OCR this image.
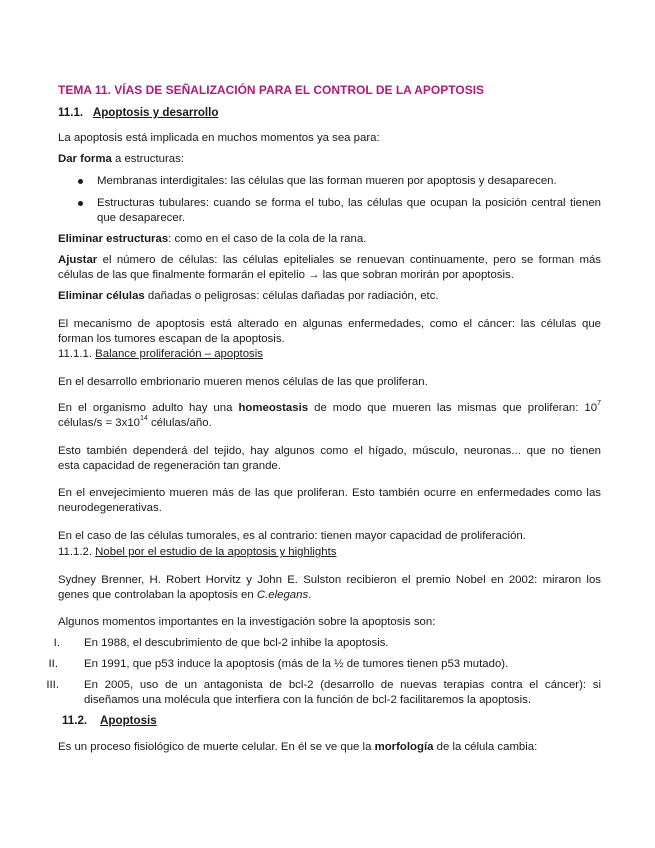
TEMA 11. VÍAS DE SEÑALIZACIÓN PARA EL CONTROL DE LA APOPTOSIS
11.1. Apoptosis y desarrollo
La apoptosis está implicada en muchos momentos ya sea para:
Dar forma a estructuras:
Membranas interdigitales: las células que las forman mueren por apoptosis y desaparecen.
Estructuras tubulares: cuando se forma el tubo, las células que ocupan la posición central tienen
que desaparecer.
Eliminar estructuras: como en el caso de la cola de la rana.
Ajustar el número de células: las células epiteliales se renuevan continuamente, pero se forman más
células de las que finalmente formarán el epitelio → las que sobran morirán por apoptosis.
Eliminar células dañadas o peligrosas: células dañadas por radiación, etc.
El mecanismo de apoptosis está alterado en algunas enfermedades, como el cáncer: las células que
forman los tumores escapan de la apoptosis.
11.1.1. Balance proliferación – apoptosis
En el desarrollo embrionario mueren menos células de las que proliferan.
En el organismo adulto hay una homeostasis de modo que mueren las mismas que proliferan: $10^7$
células/s = $3x10^{14}$ células/año.
Esto también dependerá del tejido, hay algunos como el hígado, músculo, neuronas... que no tienen
esta capacidad de regeneración tan grande.
En el envejecimiento mueren más de las que proliferan. Esto también ocurre en enfermedades como las
neurodegenerativas.
En el caso de las células tumorales, es al contrario: tienen mayor capacidad de proliferación.
11.1.2. Nobel por el estudio de la apoptosis y highlights
Sydney Brenner, H. Robert Horvitz y John E. Sulston recibieron el premio Nobel en 2002: miraron los
genes que controlaban la apoptosis en C.elegans.
Algunos momentos importantes en la investigación sobre la apoptosis son:
I. En 1988, el descubrimiento de que bcl-2 inhibe la apoptosis.
II. En 1991, que p53 induce la apoptosis (más de la ½ de tumores tienen p53 mutado).
III. En 2005, uso de un antagonista de bcl-2 (desarrollo de nuevas terapias contra el cáncer): si
diseñamos una molécula que interfiera con la función de bcl-2 facilitaremos la apoptosis.
11.2. Apoptosis
Es un proceso fisiológico de muerte celular. En él se ve que la morfología de la célula cambia:
